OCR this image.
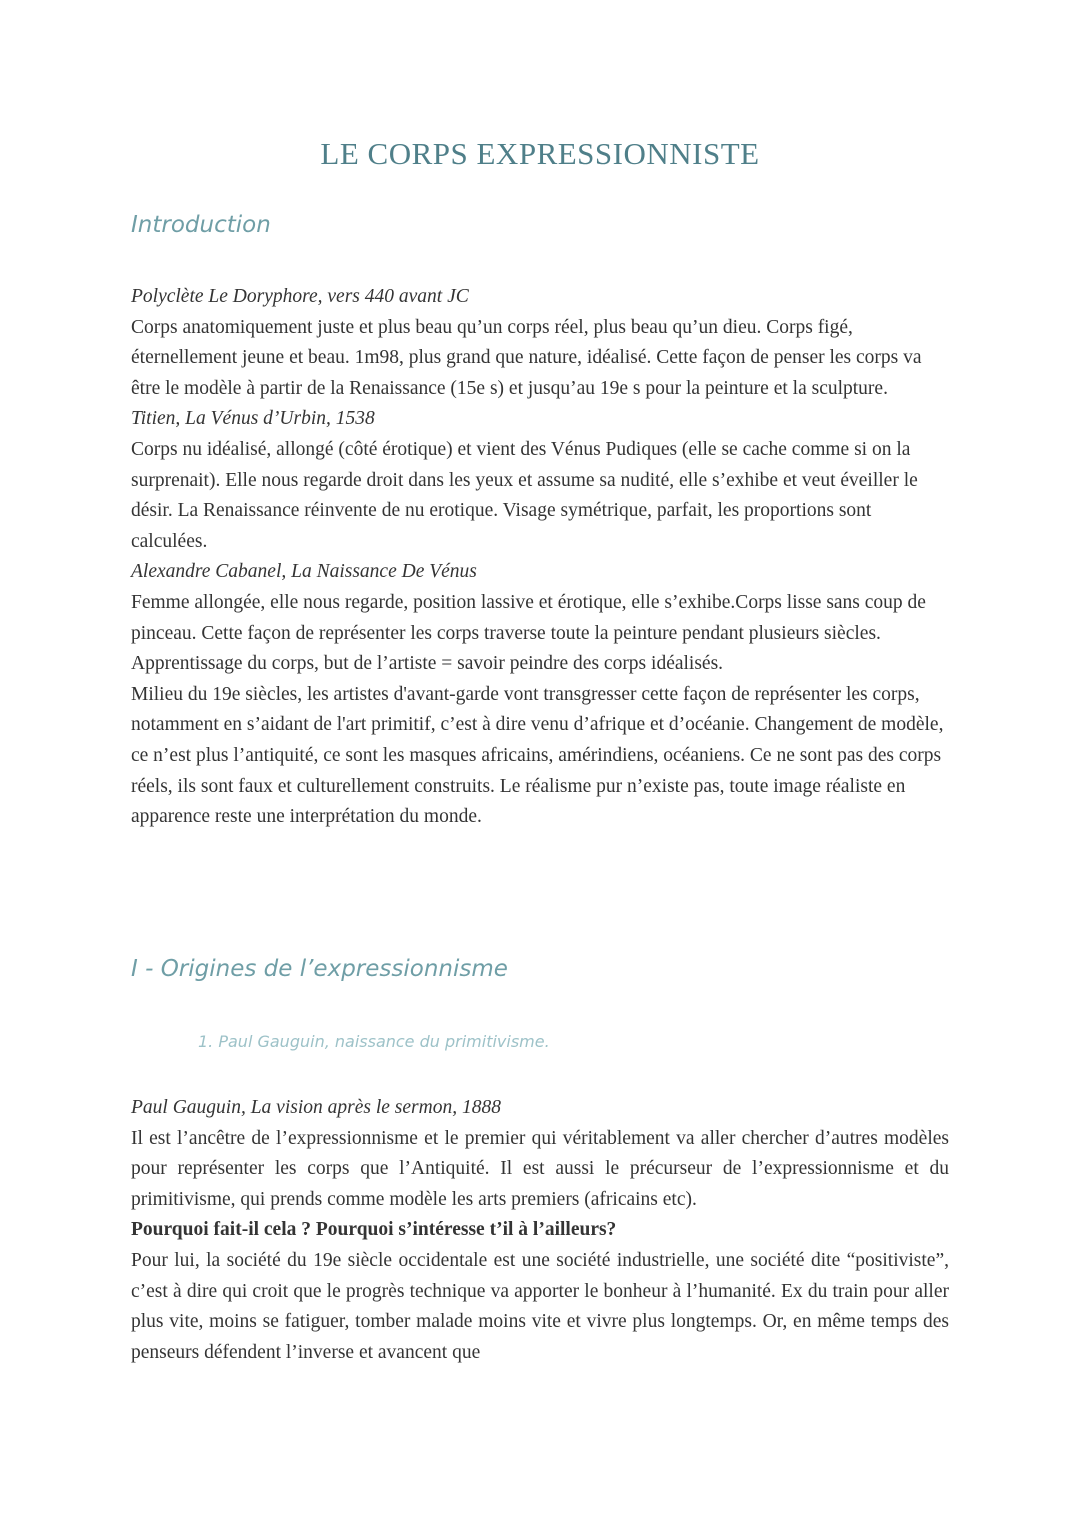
LE CORPS EXPRESSIONNISTE
Introduction

Polyclète Le Doryphore, vers 440 avant JC

Corps anatomiquement juste et plus beau qu’un corps réel, plus beau qu’un dieu. Corps figé, éternellement jeune et beau. 1m98, plus grand que nature, idéalisé. Cette façon de penser les corps va être le modèle à partir de la Renaissance (15e s) et jusqu’au 19e s pour la peinture et la sculpture.

Titien, La Vénus d’Urbin, 1538

Corps nu idéalisé, allongé (côté érotique) et vient des Vénus Pudiques (elle se cache comme si on la surprenait). Elle nous regarde droit dans les yeux et assume sa nudité, elle s’exhibe et veut éveiller le désir. La Renaissance réinvente de nu erotique. Visage symétrique, parfait, les proportions sont calculées.

Alexandre Cabanel, La Naissance De Vénus

Femme allongée, elle nous regarde, position lassive et érotique, elle s’exhibe.Corps lisse sans coup de pinceau. Cette façon de représenter les corps traverse toute la peinture pendant plusieurs siècles. Apprentissage du corps, but de l’artiste = savoir peindre des corps idéalisés.

Milieu du 19e siècles, les artistes d'avant-garde vont transgresser cette façon de représenter les corps, notamment en s’aidant de l'art primitif, c’est à dire venu d’afrique et d’océanie. Changement de modèle, ce n’est plus l’antiquité, ce sont les masques africains, amérindiens, océaniens. Ce ne sont pas des corps réels, ils sont faux et culturellement construits. Le réalisme pur n’existe pas, toute image réaliste en apparence reste une interprétation du monde.

I - Origines de l’expressionnisme
1. Paul Gauguin, naissance du primitivisme.

Paul Gauguin, La vision après le sermon, 1888

Il est l’ancêtre de l’expressionnisme et le premier qui véritablement va aller chercher d’autres modèles pour représenter les corps que l’Antiquité. Il est aussi le précurseur de l’expressionnisme et du primitivisme, qui prends comme modèle les arts premiers (africains etc).

Pourquoi fait-il cela ? Pourquoi s’intéresse t’il à l’ailleurs?

Pour lui, la société du 19e siècle occidentale est une société industrielle, une société dite “positiviste”, c’est à dire qui croit que le progrès technique va apporter le bonheur à l’humanité. Ex du train pour aller plus vite, moins se fatiguer, tomber malade moins vite et vivre plus longtemps. Or, en même temps des penseurs défendent l’inverse et avancent que
